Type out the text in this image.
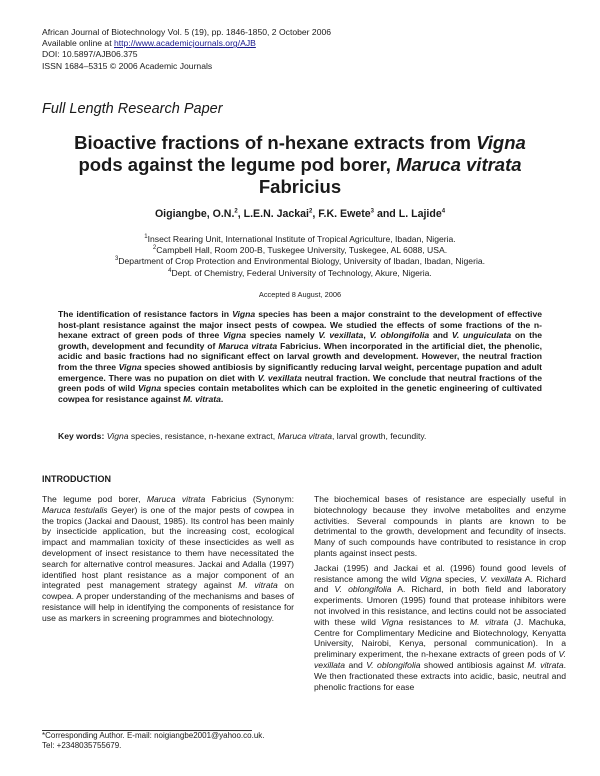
African Journal of Biotechnology Vol. 5 (19), pp. 1846-1850, 2 October 2006
Available online at http://www.academicjournals.org/AJB
DOI: 10.5897/AJB06.375
ISSN 1684–5315 © 2006 Academic Journals
Full Length Research Paper
Bioactive fractions of n-hexane extracts from Vigna
pods against the legume pod borer, Maruca vitrata
Fabricius
Oigiangbe, O.N.$^2$, L.E.N. Jackai$^2$, F.K. Ewete$^3$ and L. Lajide$^4$
$^1$Insect Rearing Unit, International Institute of Tropical Agriculture, Ibadan, Nigeria.
$^2$Campbell Hall, Room 200-B, Tuskegee University, Tuskegee, AL 6088, USA.
$^3$Department of Crop Protection and Environmental Biology, University of Ibadan, Ibadan, Nigeria.
$^4$Dept. of Chemistry, Federal University of Technology, Akure, Nigeria.
Accepted 8 August, 2006
The identification of resistance factors in Vigna species has been a major constraint to the development of effective host-plant resistance against the major insect pests of cowpea. We studied the effects of some fractions of the n-hexane extract of green pods of three Vigna species namely V. vexillata, V. oblongifolia and V. unguiculata on the growth, development and fecundity of Maruca vitrata Fabricius. When incorporated in the artificial diet, the phenolic, acidic and basic fractions had no significant effect on larval growth and development. However, the neutral fraction from the three Vigna species showed antibiosis by significantly reducing larval weight, percentage pupation and adult emergence. There was no pupation on diet with V. vexillata neutral fraction. We conclude that neutral fractions of the green pods of wild Vigna species contain metabolites which can be exploited in the genetic engineering of cultivated cowpea for resistance against M. vitrata.
Key words: Vigna species, resistance, n-hexane extract, Maruca vitrata, larval growth, fecundity.
INTRODUCTION

The legume pod borer, Maruca vitrata Fabricius (Synonym: Maruca testulalis Geyer) is one of the major pests of cowpea in the tropics (Jackai and Daoust, 1985). Its control has been mainly by insecticide application, but the increasing cost, ecological impact and mammalian toxicity of these insecticides as well as development of insect resistance to them have necessitated the search for alternative control measures. Jackai and Adalla (1997) identified host plant resistance as a major component of an integrated pest management strategy against M. vitrata on cowpea. A proper understanding of the mechanisms and bases of resistance will help in identifying the components of resistance for use as markers in screening programmes and biotechnology.

The biochemical bases of resistance are especially useful in biotechnology because they involve metabolites and enzyme activities. Several compounds in plants are known to be detrimental to the growth, development and fecundity of insects. Many of such compounds have contributed to resistance in crop plants against insect pests.

Jackai (1995) and Jackai et al. (1996) found good levels of resistance among the wild Vigna species, V. vexillata A. Richard and V. oblongifolia A. Richard, in both field and laboratory experiments. Umoren (1995) found that protease inhibitors were not involved in this resistance, and lectins could not be associated with these wild Vigna resistances to M. vitrata (J. Machuka, Centre for Complimentary Medicine and Biotechnology, Kenyatta University, Nairobi, Kenya, personal communication). In a preliminary experiment, the n-hexane extracts of green pods of V. vexillata and V. oblongifolia showed antibiosis against M. vitrata. We then fractionated these extracts into acidic, basic, neutral and phenolic fractions for ease

*Corresponding Author. E-mail: noigiangbe2001@yahoo.co.uk.
Tel: +2348035755679.
